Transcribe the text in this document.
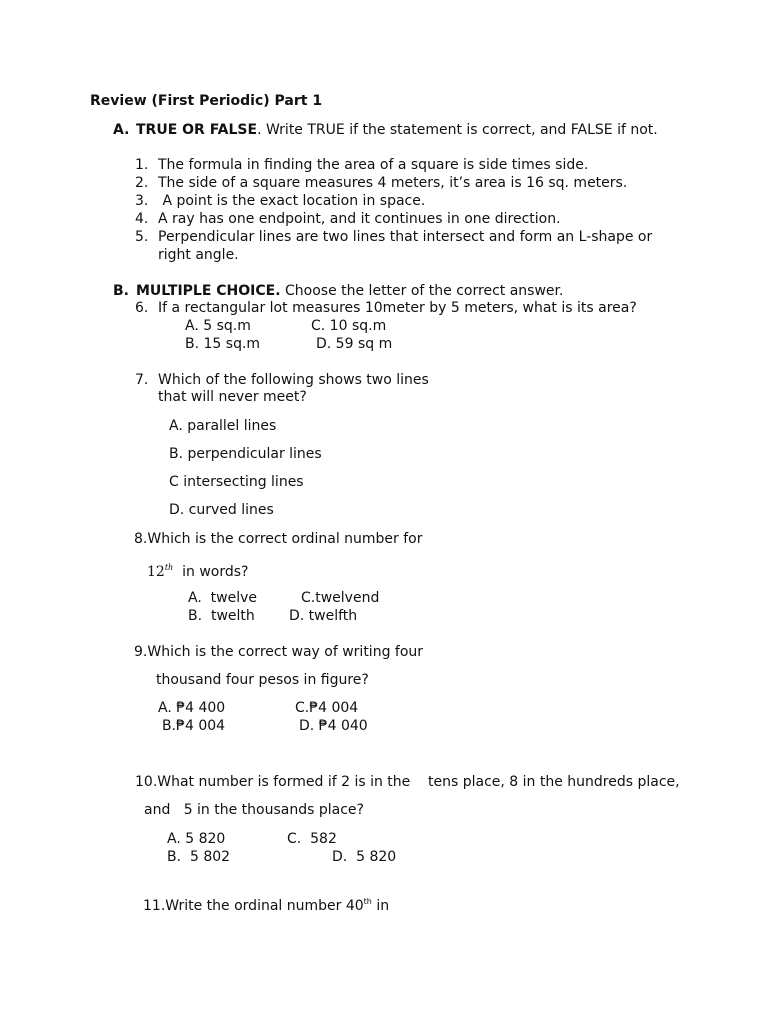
Review (First Periodic) Part 1
A. TRUE OR FALSE. Write TRUE if the statement is correct, and FALSE if not.
1. The formula in finding the area of a square is side times side.
2. The side of a square measures 4 meters, it’s area is 16 sq. meters.
3. A point is the exact location in space.
4. A ray has one endpoint, and it continues in one direction.
5. Perpendicular lines are two lines that intersect and form an L-shape or
right angle.
B. MULTIPLE CHOICE. Choose the letter of the correct answer.
6. If a rectangular lot measures 10meter by 5 meters, what is its area?
A. 5 sq.m	C. 10 sq.m
B. 15 sq.m	D. 59 sq m
7. Which of the following shows two lines
that will never meet?
A. parallel lines
B. perpendicular lines
C intersecting lines
D. curved lines
8.Which is the correct ordinal number for
12th  in words?
A.  twelve	C.twelvend
B.  twelth D. twelfth
9.Which is the correct way of writing four
thousand four pesos in figure?
A. ₱4 400	C.₱4 004
B.₱4 004	D. ₱4 040
10.What number is formed if 2 is in the tens place, 8 in the hundreds place,
and   5 in the thousands place?
A. 5 820	C.  582
B.  5 802	D.  5 820
11.Write the ordinal number 40th in
